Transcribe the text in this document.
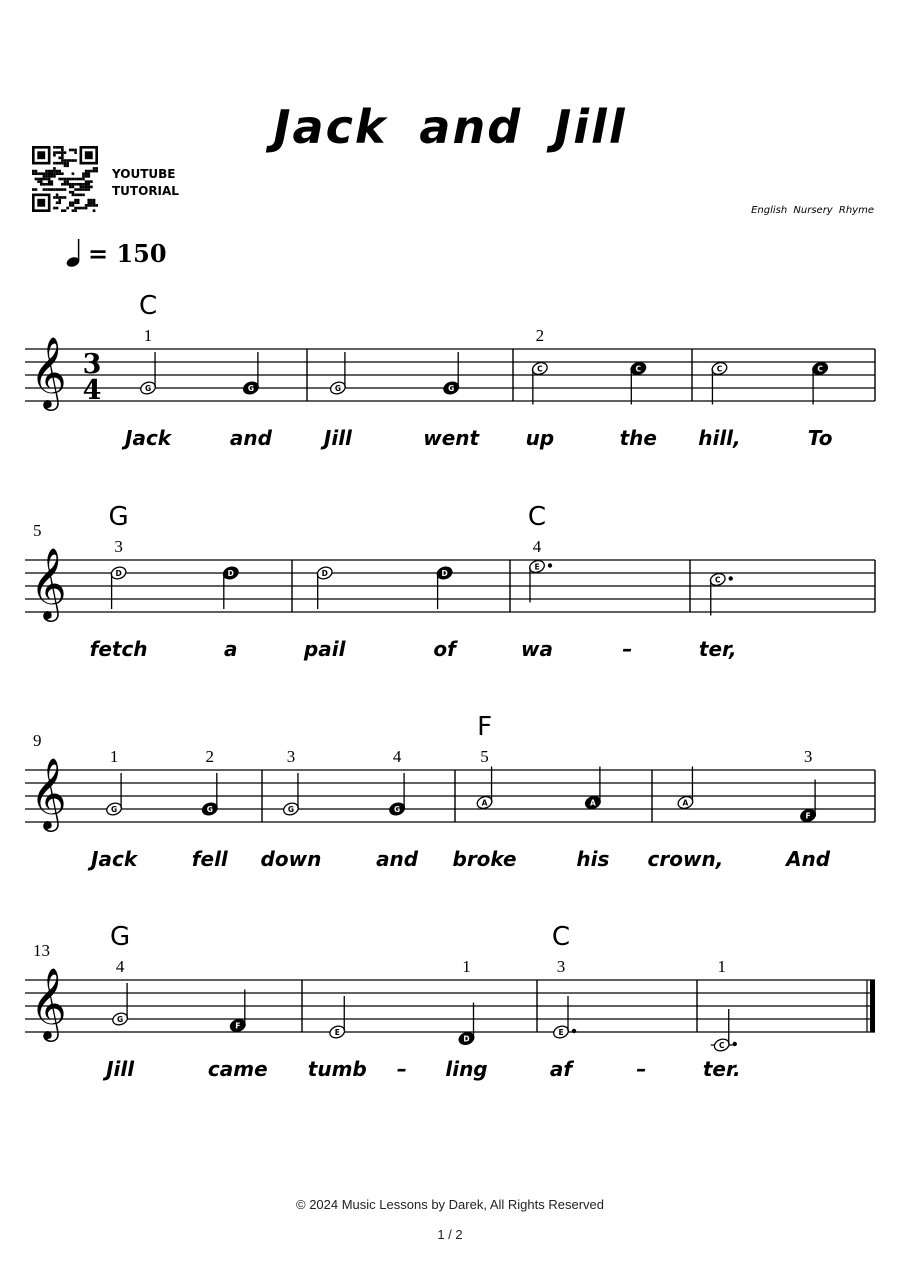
Jack and Jill
YOUTUBE
TUTORIAL
English Nursery Rhyme
= 150
𝄞 3
4	G
1
C
Jack
G
and
G
Jill
G
went
C
2
up
C
the
C
hill,
C
To
𝄞
5
D
3
G
fetch
D
a
D
pail
D
of
E
4
C
wa	–
C
ter,
𝄞
9
G
1
Jack
G
2
fell
G
3
down
G
4
and
A
5
F
broke
A
his
A
crown,
F
3
And
𝄞
13
G
4
G
Jill
F
came
E
tumb –
D
1
ling
E
3
C
af	–
C
1
ter.
© 2024 Music Lessons by Darek, All Rights Reserved
1 / 2
